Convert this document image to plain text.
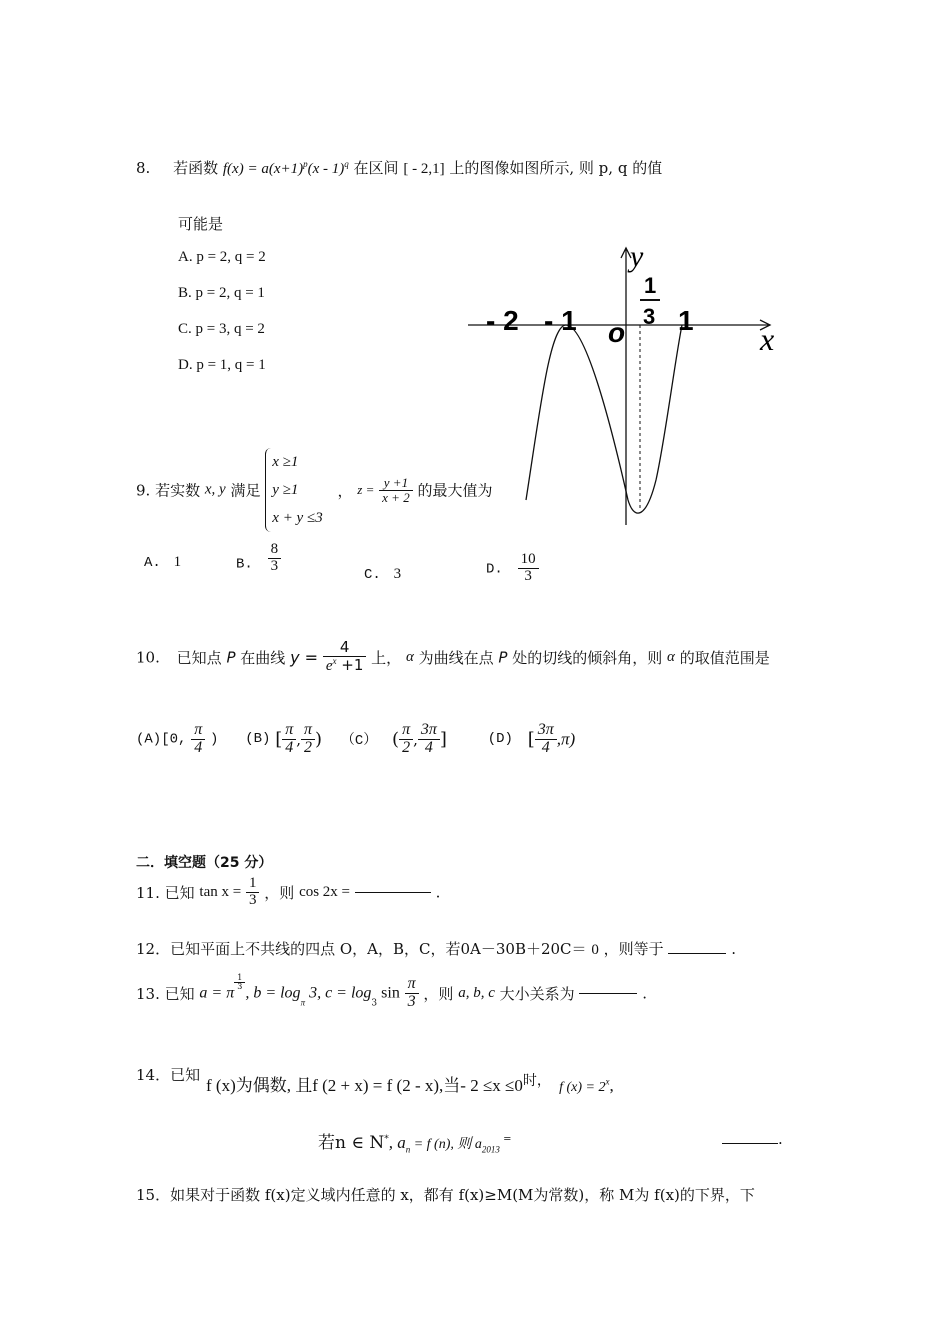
8. 若函数 $f(x) = a(x+1)^p(x - 1)^q$ 在区间 [ - 2,1] 上的图像如图所示, 则 p, q 的值
可能是
A. p = 2, q = 2
B. p = 2, q = 1
C. p = 3, q = 2
D. p = 1, q = 1
y
x
o
- 2 - 1
1
3 1
9. 若实数 x, y 满足
x ≥1
y ≥1
x + y ≤3
， $z = \frac{y +1}{x + 2}$ 的最大值为
A. 1	B. $\frac{8}{3}$
C. 3	D. $\frac{10}{3}$
10. 已知点 P 在曲线 $y = \frac{4}{e^x +1}$ 上， α 为曲线在点 P 处的切线的倾斜角，则 α 的取值范围是
(A)[0, $\frac{\pi}{4}$ ) (B) [ $\frac{\pi}{4}$ , $\frac{\pi}{2}$ ) （C） ( $\frac{\pi}{2}$ , $\frac{3\pi}{4}$ ]	(D) [ $\frac{3\pi}{4} ,\pi$)
二．填空题（25 分）
11. 已知 $\tan x = \frac{1}{3}$ ，则 cos 2x =	.
12．已知平面上不共线的四点 O，A，B，C，若0A－30B＋20C＝ 0 ，则等于	.
13. 已知 a = π
$\frac{1}{3}$
, $b = \log_\pi 3$, $c = \log_3 \sin \frac{\pi}{3}$ ，则 a, b, c 大小关系为	.
14．已知
f (x)为偶数, 且f (2 + x) = f (2 - x),当- $2 \le x \le 0^{时,}$ f $(x) = 2^x$,
若n ∈ N*, $a_n = f$ (n), 则 $a_{2013}$ =	.
15．如果对于函数 f(x)定义域内任意的 x，都有 f(x)≥M(M为常数)，称 M为 f(x)的下界，下
